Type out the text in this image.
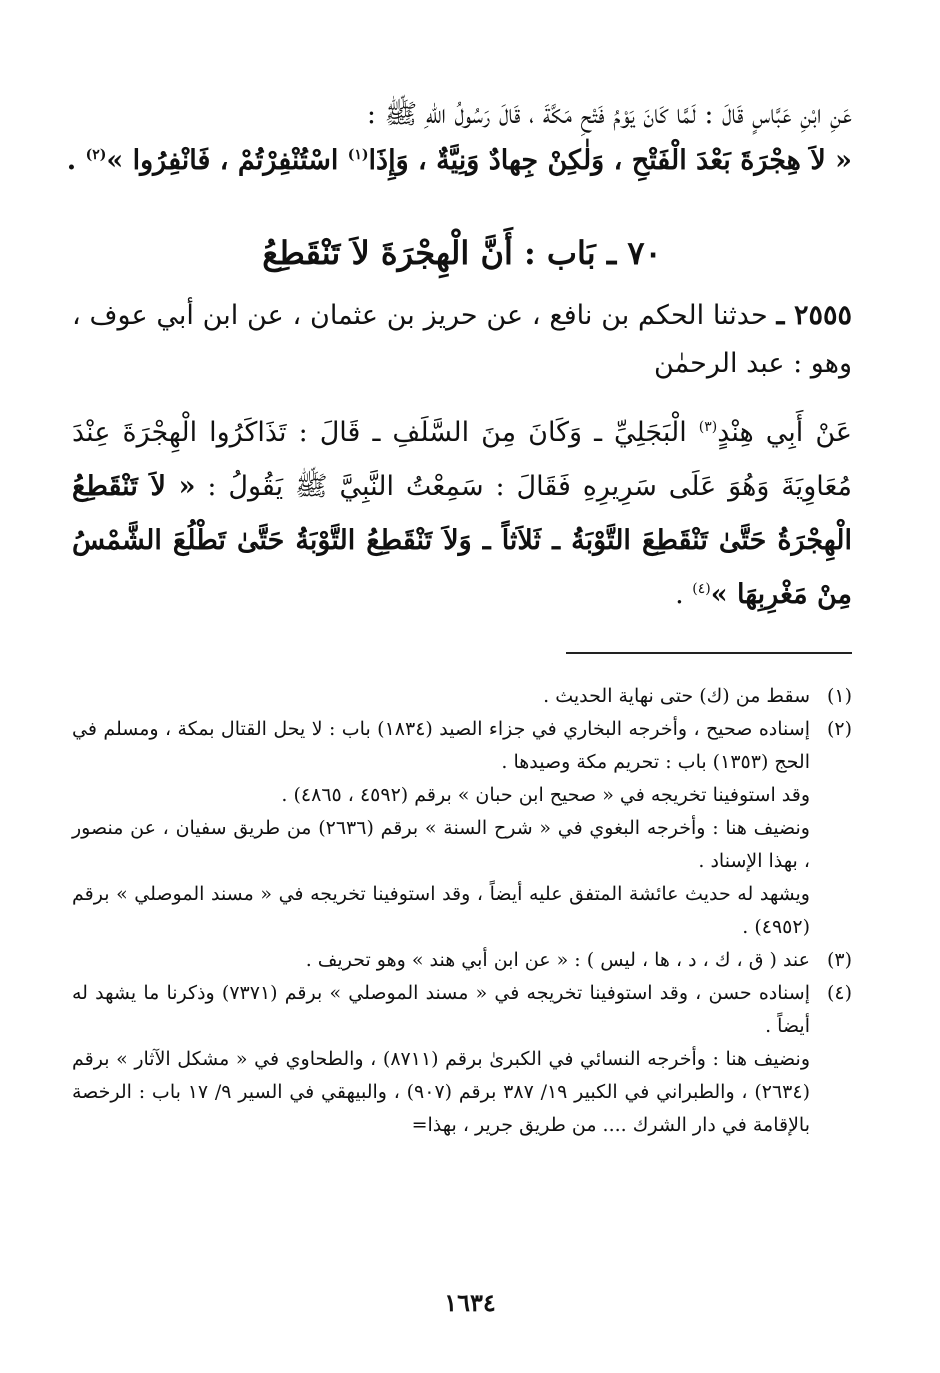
عَنِ ابْنِ عَبَّاسٍ قَالَ : لَمَّا كَانَ يَوْمُ فَتْحِ مَكَّةَ ، قَالَ رَسُولُ اللهِ ﷺ :

« لاَ هِجْرَةَ بَعْدَ الْفَتْحِ ، وَلٰكِنْ جِهادٌ وَنِيَّةٌ ، وَإِذَا$^{(١)}$ اسْتُنْفِرْتُمْ ، فَانْفِرُوا »$^{(٢)}$ .

٧٠ ـ بَاب : أَنَّ الْهِجْرَةَ لاَ تَنْقَطِعُ

٢٥٥٥ ـ حدثنا الحكم بن نافع ، عن حريز بن عثمان ، عن ابن أبي عوف ، وهو : عبد الرحمٰن

عَنْ أَبِي هِنْدٍ$^{(٣)}$ الْبَجَلِيِّ ـ وَكَانَ مِنَ السَّلَفِ ـ قَالَ : تَذَاكَرُوا الْهِجْرَةَ عِنْدَ مُعَاوِيَةَ وَهُوَ عَلَى سَرِيرِهِ فَقَالَ : سَمِعْتُ النَّبِيَّ ﷺ يَقُولُ : « لاَ تَنْقَطِعُ الْهِجْرَةُ حَتَّىٰ تَنْقَطِعَ التَّوْبَةُ ـ ثَلاَثاً ـ وَلاَ تَنْقَطِعُ التَّوْبَةُ حَتَّىٰ تَطْلُعَ الشَّمْسُ مِنْ مَغْرِبِهَا »$^{(٤)}$ .

(١)

سقط من (ك) حتى نهاية الحديث .

(٢)

إسناده صحيح ، وأخرجه البخاري في جزاء الصيد (١٨٣٤) باب : لا يحل القتال بمكة ، ومسلم في الحج (١٣٥٣) باب : تحريم مكة وصيدها .

وقد استوفينا تخريجه في « صحيح ابن حبان » برقم (٤٥٩٢ ، ٤٨٦٥) .

ونضيف هنا : وأخرجه البغوي في « شرح السنة » برقم (٢٦٣٦) من طريق سفيان ، عن منصور ، بهذا الإسناد .

ويشهد له حديث عائشة المتفق عليه أيضاً ، وقد استوفينا تخريجه في « مسند الموصلي » برقم (٤٩٥٢) .

(٣)

عند ( ق ، ك ، د ، ها ، ليس ) : « عن ابن أبي هند » وهو تحريف .

(٤)

إسناده حسن ، وقد استوفينا تخريجه في « مسند الموصلي » برقم (٧٣٧١) وذكرنا ما يشهد له أيضاً .

ونضيف هنا : وأخرجه النسائي في الكبرىٰ برقم (٨٧١١) ، والطحاوي في « مشكل الآثار » برقم (٢٦٣٤) ، والطبراني في الكبير ١٩/ ٣٨٧ برقم (٩٠٧) ، والبيهقي في السير ٩/ ١٧ باب : الرخصة بالإقامة في دار الشرك .... من طريق جرير ، بهذا=

١٦٣٤
